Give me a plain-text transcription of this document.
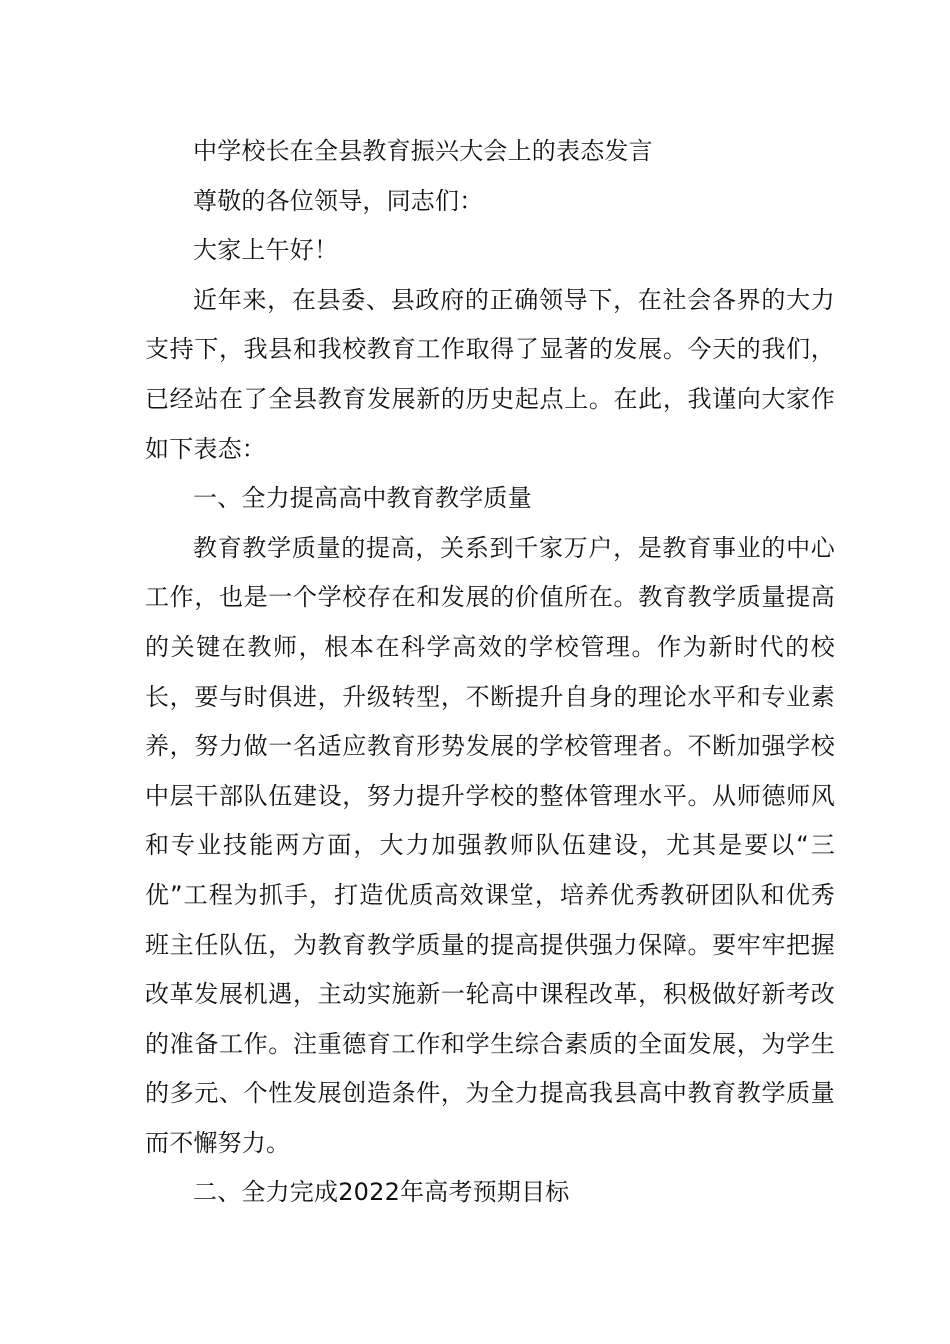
中学校长在全县教育振兴大会上的表态发言

尊敬的各位领导，同志们：

大家上午好！

近年来，在县委、县政府的正确领导下，在社会各界的大力支持下，我县和我校教育工作取得了显著的发展。今天的我们，已经站在了全县教育发展新的历史起点上。在此，我谨向大家作如下表态：

一、全力提高高中教育教学质量

教育教学质量的提高，关系到千家万户，是教育事业的中心工作，也是一个学校存在和发展的价值所在。教育教学质量提高的关键在教师，根本在科学高效的学校管理。作为新时代的校长，要与时俱进，升级转型，不断提升自身的理论水平和专业素养，努力做一名适应教育形势发展的学校管理者。不断加强学校中层干部队伍建设，努力提升学校的整体管理水平。从师德师风和专业技能两方面，大力加强教师队伍建设，尤其是要以“三优”工程为抓手，打造优质高效课堂，培养优秀教研团队和优秀班主任队伍，为教育教学质量的提高提供强力保障。要牢牢把握改革发展机遇，主动实施新一轮高中课程改革，积极做好新考改的准备工作。注重德育工作和学生综合素质的全面发展，为学生的多元、个性发展创造条件，为全力提高我县高中教育教学质量而不懈努力。

二、全力完成2022年高考预期目标
